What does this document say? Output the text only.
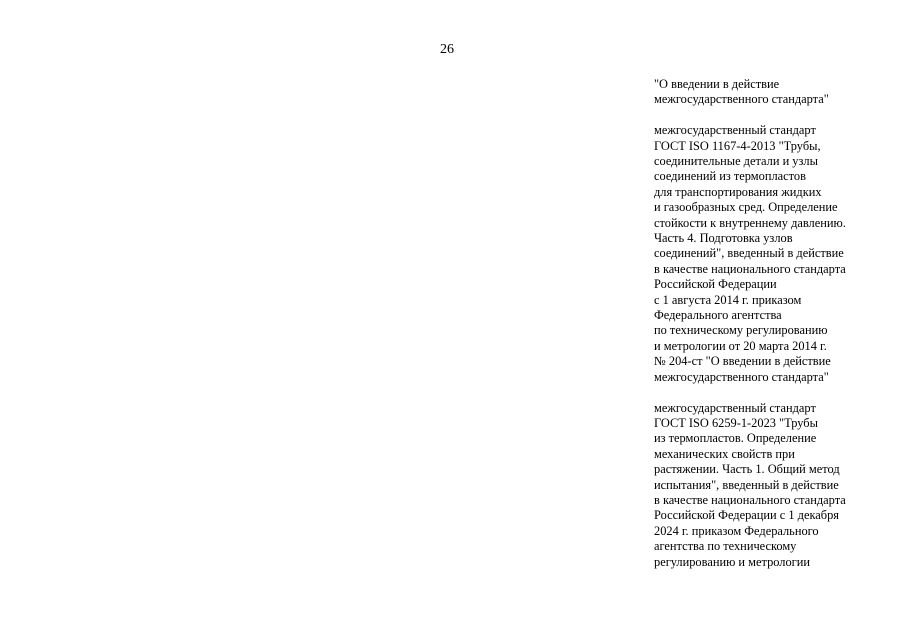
26

"О введении в действие
межгосударственного стандарта"

межгосударственный стандарт
ГОСТ ISO 1167-4-2013 "Трубы,
соединительные детали и узлы
соединений из термопластов
для транспортирования жидких
и газообразных сред. Определение
стойкости к внутреннему давлению.
Часть 4. Подготовка узлов
соединений", введенный в действие
в качестве национального стандарта
Российской Федерации
с 1 августа 2014 г. приказом
Федерального агентства
по техническому регулированию
и метрологии от 20 марта 2014 г.
№ 204-ст "О введении в действие
межгосударственного стандарта"

межгосударственный стандарт
ГОСТ ISO 6259-1-2023 "Трубы
из термопластов. Определение
механических свойств при
растяжении. Часть 1. Общий метод
испытания", введенный в действие
в качестве национального стандарта
Российской Федерации с 1 декабря
2024 г. приказом Федерального
агентства по техническому
регулированию и метрологии
